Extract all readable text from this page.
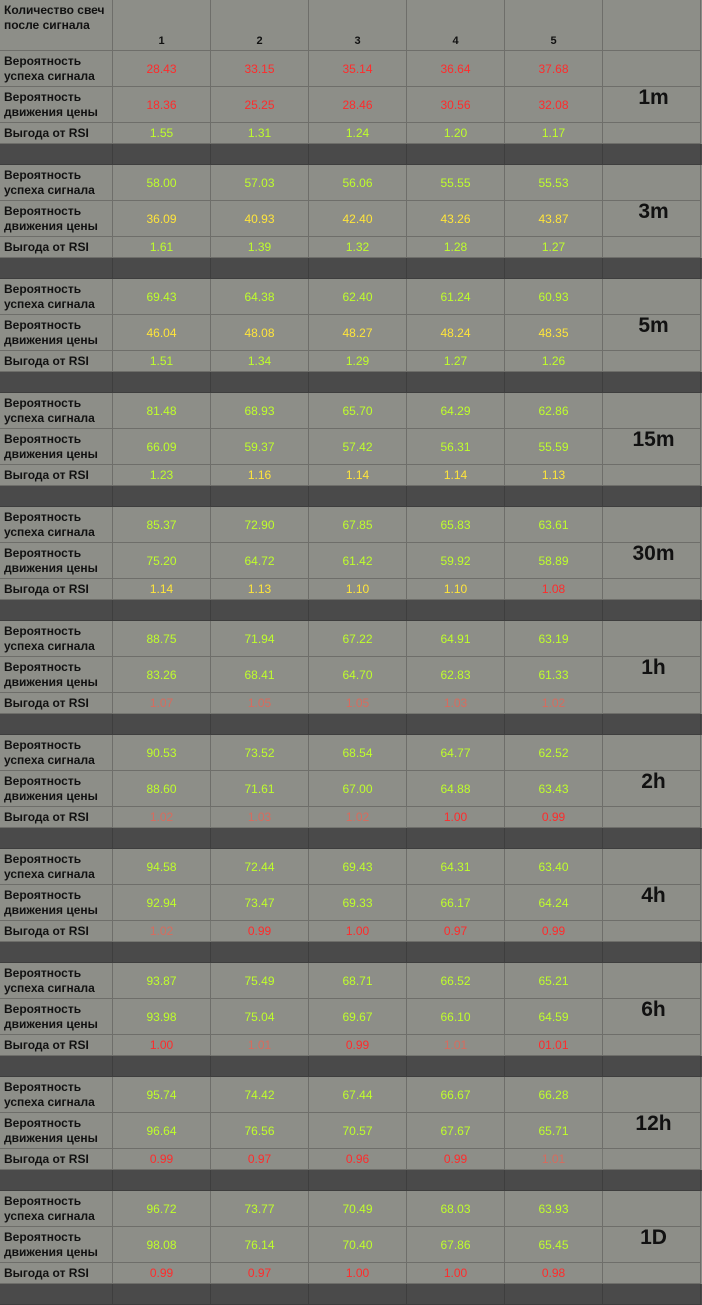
Количество свеч после сигнала
1	2	3	4	5
Вероятность успеха сигнала	28.43	33.15	35.14	36.64	37.68
Вероятность движения цены	18.36	25.25	28.46	30.56	32.08
Выгода от RSI	1.55	1.31	1.24	1.20	1.17
1m
Вероятность успеха сигнала	58.00	57.03	56.06	55.55	55.53
Вероятность движения цены	36.09	40.93	42.40	43.26	43.87
Выгода от RSI	1.61	1.39	1.32	1.28	1.27
3m
Вероятность успеха сигнала	69.43	64.38	62.40	61.24	60.93
Вероятность движения цены	46.04	48.08	48.27	48.24	48.35
Выгода от RSI	1.51	1.34	1.29	1.27	1.26
5m
Вероятность успеха сигнала	81.48	68.93	65.70	64.29	62.86
Вероятность движения цены	66.09	59.37	57.42	56.31	55.59
Выгода от RSI	1.23	1.16	1.14	1.14	1.13
15m
Вероятность успеха сигнала	85.37	72.90	67.85	65.83	63.61
Вероятность движения цены	75.20	64.72	61.42	59.92	58.89
Выгода от RSI	1.14	1.13	1.10	1.10	1.08
30m
Вероятность успеха сигнала	88.75	71.94	67.22	64.91	63.19
Вероятность движения цены	83.26	68.41	64.70	62.83	61.33
Выгода от RSI	1.07	1.05	1.05	1.03	1.02
1h
Вероятность успеха сигнала	90.53	73.52	68.54	64.77	62.52
Вероятность движения цены	88.60	71.61	67.00	64.88	63.43
Выгода от RSI	1.02	1.03	1.02	1.00	0.99
2h
Вероятность успеха сигнала	94.58	72.44	69.43	64.31	63.40
Вероятность движения цены	92.94	73.47	69.33	66.17	64.24
Выгода от RSI	1.02	0.99	1.00	0.97	0.99
4h
Вероятность успеха сигнала	93.87	75.49	68.71	66.52	65.21
Вероятность движения цены	93.98	75.04	69.67	66.10	64.59
Выгода от RSI	1.00	1.01	0.99	1.01	01.01
6h
Вероятность успеха сигнала	95.74	74.42	67.44	66.67	66.28
Вероятность движения цены	96.64	76.56	70.57	67.67	65.71
Выгода от RSI	0.99	0.97	0.96	0.99	1.01
12h
Вероятность успеха сигнала	96.72	73.77	70.49	68.03	63.93
Вероятность движения цены	98.08	76.14	70.40	67.86	65.45
Выгода от RSI	0.99	0.97	1.00	1.00	0.98
1D
